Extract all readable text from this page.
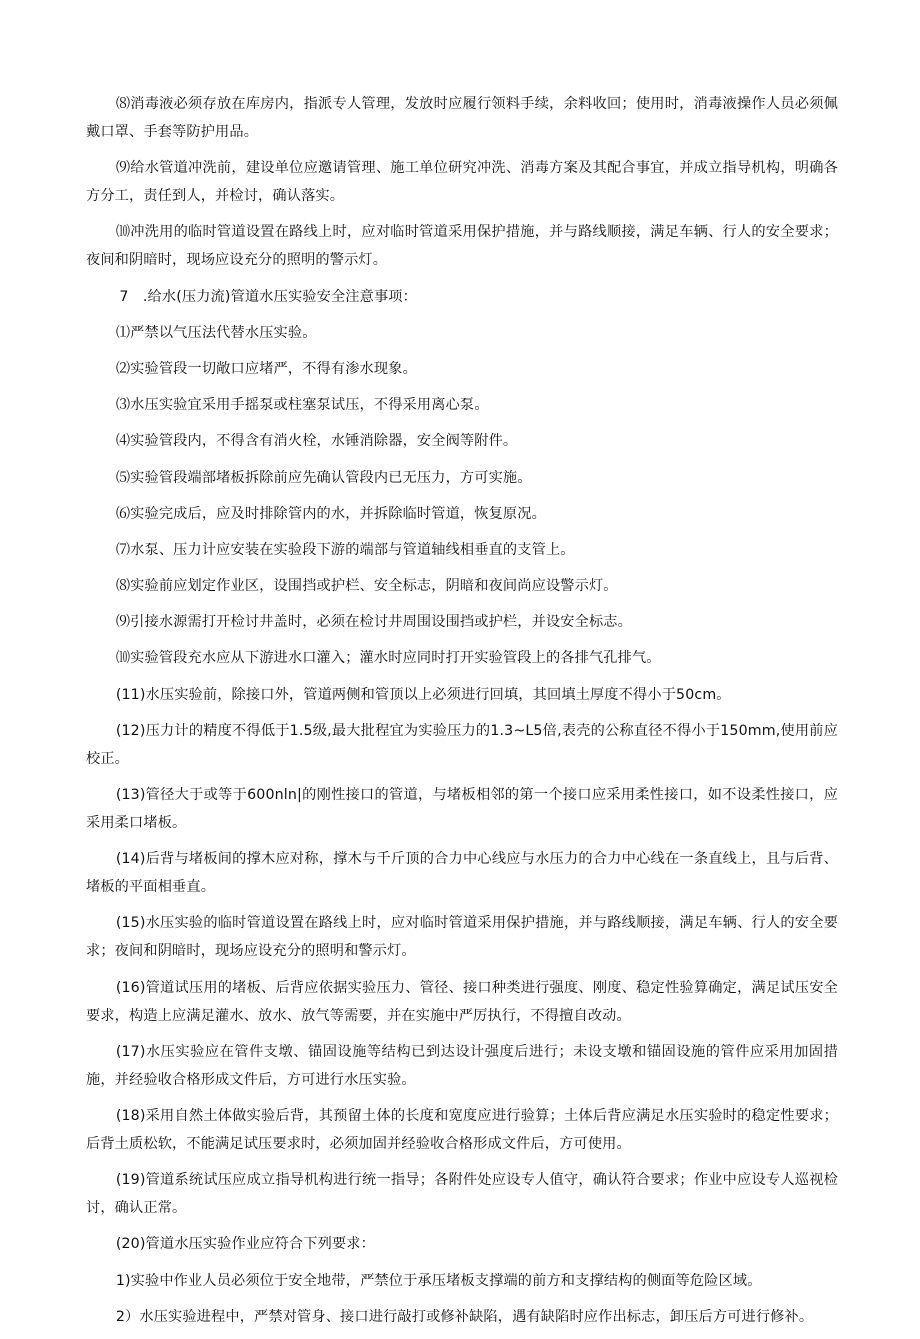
⑻消毒液必须存放在库房内，指派专人管理，发放时应履行领料手续，余料收回；使用时，消毒液操作人员必须佩戴口罩、手套等防护用品。

⑼给水管道冲洗前，建设单位应邀请管理、施工单位研究冲洗、消毒方案及其配合事宜，并成立指导机构，明确各方分工，责任到人，并检讨，确认落实。

⑽冲洗用的临时管道设置在路线上时，应对临时管道采用保护措施，并与路线顺接，满足车辆、行人的安全要求；夜间和阴暗时，现场应设充分的照明的警示灯。

7　.给水(压力流)管道水压实验安全注意事项：

⑴严禁以气压法代替水压实验。

⑵实验管段一切敞口应堵严，不得有渗水现象。

⑶水压实验宜采用手摇泵或柱塞泵试压，不得采用离心泵。

⑷实验管段内，不得含有消火栓，水锤消除器，安全阀等附件。

⑸实验管段端部堵板拆除前应先确认管段内已无压力，方可实施。

⑹实验完成后，应及时排除管内的水，并拆除临时管道，恢复原况。

⑺水泵、压力计应安装在实验段下游的端部与管道轴线相垂直的支管上。

⑻实验前应划定作业区，设围挡或护栏、安全标志，阴暗和夜间尚应设警示灯。

⑼引接水源需打开检讨井盖时，必须在检讨井周围设围挡或护栏，并设安全标志。

⑽实验管段充水应从下游进水口灌入；灌水时应同时打开实验管段上的各排气孔排气。

(11)水压实验前，除接口外，管道两侧和管顶以上必须进行回填，其回填土厚度不得小于50cm。

(12)压力计的精度不得低于1.5级,最大批程宜为实验压力的1.3~L5倍,表壳的公称直径不得小于150mm,使用前应校正。

(13)管径大于或等于600nln|的刚性接口的管道，与堵板相邻的第一个接口应采用柔性接口，如不设柔性接口，应采用柔口堵板。

(14)后背与堵板间的撑木应对称，撑木与千斤顶的合力中心线应与水压力的合力中心线在一条直线上，且与后背、堵板的平面相垂直。

(15)水压实验的临时管道设置在路线上时，应对临时管道采用保护措施，并与路线顺接，满足车辆、行人的安全要求；夜间和阴暗时，现场应设充分的照明和警示灯。

(16)管道试压用的堵板、后背应依据实验压力、管径、接口种类进行强度、刚度、稳定性验算确定，满足试压安全要求，构造上应满足灌水、放水、放气等需要，并在实施中严厉执行，不得擅自改动。

(17)水压实验应在管件支墩、锚固设施等结构已到达设计强度后进行；未设支墩和锚固设施的管件应采用加固措施，并经验收合格形成文件后，方可进行水压实验。

(18)采用自然土体做实验后背，其预留土体的长度和宽度应进行验算；土体后背应满足水压实验时的稳定性要求；后背土质松软，不能满足试压要求时，必须加固并经验收合格形成文件后，方可使用。

(19)管道系统试压应成立指导机构进行统一指导；各附件处应设专人值守，确认符合要求；作业中应设专人巡视检讨，确认正常。

(20)管道水压实验作业应符合下列要求：

1)实验中作业人员必须位于安全地带，严禁位于承压堵板支撑端的前方和支撑结构的侧面等危险区域。

2）水压实验进程中，严禁对管身、接口进行敲打或修补缺陷，遇有缺陷时应作出标志，卸压后方可进行修补。
